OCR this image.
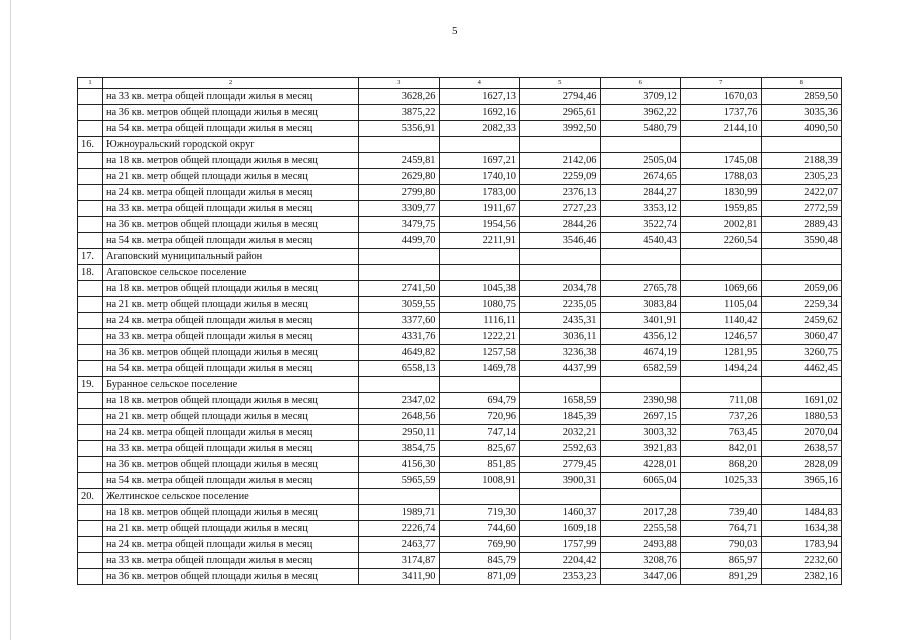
5
1	2	3	4	5	6	7	8
	на 33 кв. метра общей площади жилья в месяц	3628,26	1627,13	2794,46	3709,12	1670,03	2859,50
	на 36 кв. метров общей площади жилья в месяц	3875,22	1692,16	2965,61	3962,22	1737,76	3035,36
	на 54 кв. метра общей площади жилья в месяц	5356,91	2082,33	3992,50	5480,79	2144,10	4090,50
16.	Южноуральский городской округ						
	на 18 кв. метров общей площади жилья в месяц	2459,81	1697,21	2142,06	2505,04	1745,08	2188,39
	на 21 кв. метр общей площади жилья в месяц	2629,80	1740,10	2259,09	2674,65	1788,03	2305,23
	на 24 кв. метра общей площади жилья в месяц	2799,80	1783,00	2376,13	2844,27	1830,99	2422,07
	на 33 кв. метра общей площади жилья в месяц	3309,77	1911,67	2727,23	3353,12	1959,85	2772,59
	на 36 кв. метров общей площади жилья в месяц	3479,75	1954,56	2844,26	3522,74	2002,81	2889,43
	на 54 кв. метра общей площади жилья в месяц	4499,70	2211,91	3546,46	4540,43	2260,54	3590,48
17.	Агаповский муниципальный район						
18.	Агаповское сельское поселение						
	на 18 кв. метров общей площади жилья в месяц	2741,50	1045,38	2034,78	2765,78	1069,66	2059,06
	на 21 кв. метр общей площади жилья в месяц	3059,55	1080,75	2235,05	3083,84	1105,04	2259,34
	на 24 кв. метра общей площади жилья в месяц	3377,60	1116,11	2435,31	3401,91	1140,42	2459,62
	на 33 кв. метра общей площади жилья в месяц	4331,76	1222,21	3036,11	4356,12	1246,57	3060,47
	на 36 кв. метров общей площади жилья в месяц	4649,82	1257,58	3236,38	4674,19	1281,95	3260,75
	на 54 кв. метра общей площади жилья в месяц	6558,13	1469,78	4437,99	6582,59	1494,24	4462,45
19.	Буранное сельское поселение						
	на 18 кв. метров общей площади жилья в месяц	2347,02	694,79	1658,59	2390,98	711,08	1691,02
	на 21 кв. метр общей площади жилья в месяц	2648,56	720,96	1845,39	2697,15	737,26	1880,53
	на 24 кв. метра общей площади жилья в месяц	2950,11	747,14	2032,21	3003,32	763,45	2070,04
	на 33 кв. метра общей площади жилья в месяц	3854,75	825,67	2592,63	3921,83	842,01	2638,57
	на 36 кв. метров общей площади жилья в месяц	4156,30	851,85	2779,45	4228,01	868,20	2828,09
	на 54 кв. метра общей площади жилья в месяц	5965,59	1008,91	3900,31	6065,04	1025,33	3965,16
20.	Желтинское сельское поселение						
	на 18 кв. метров общей площади жилья в месяц	1989,71	719,30	1460,37	2017,28	739,40	1484,83
	на 21 кв. метр общей площади жилья в месяц	2226,74	744,60	1609,18	2255,58	764,71	1634,38
	на 24 кв. метра общей площади жилья в месяц	2463,77	769,90	1757,99	2493,88	790,03	1783,94
	на 33 кв. метра общей площади жилья в месяц	3174,87	845,79	2204,42	3208,76	865,97	2232,60
	на 36 кв. метров общей площади жилья в месяц	3411,90	871,09	2353,23	3447,06	891,29	2382,16
